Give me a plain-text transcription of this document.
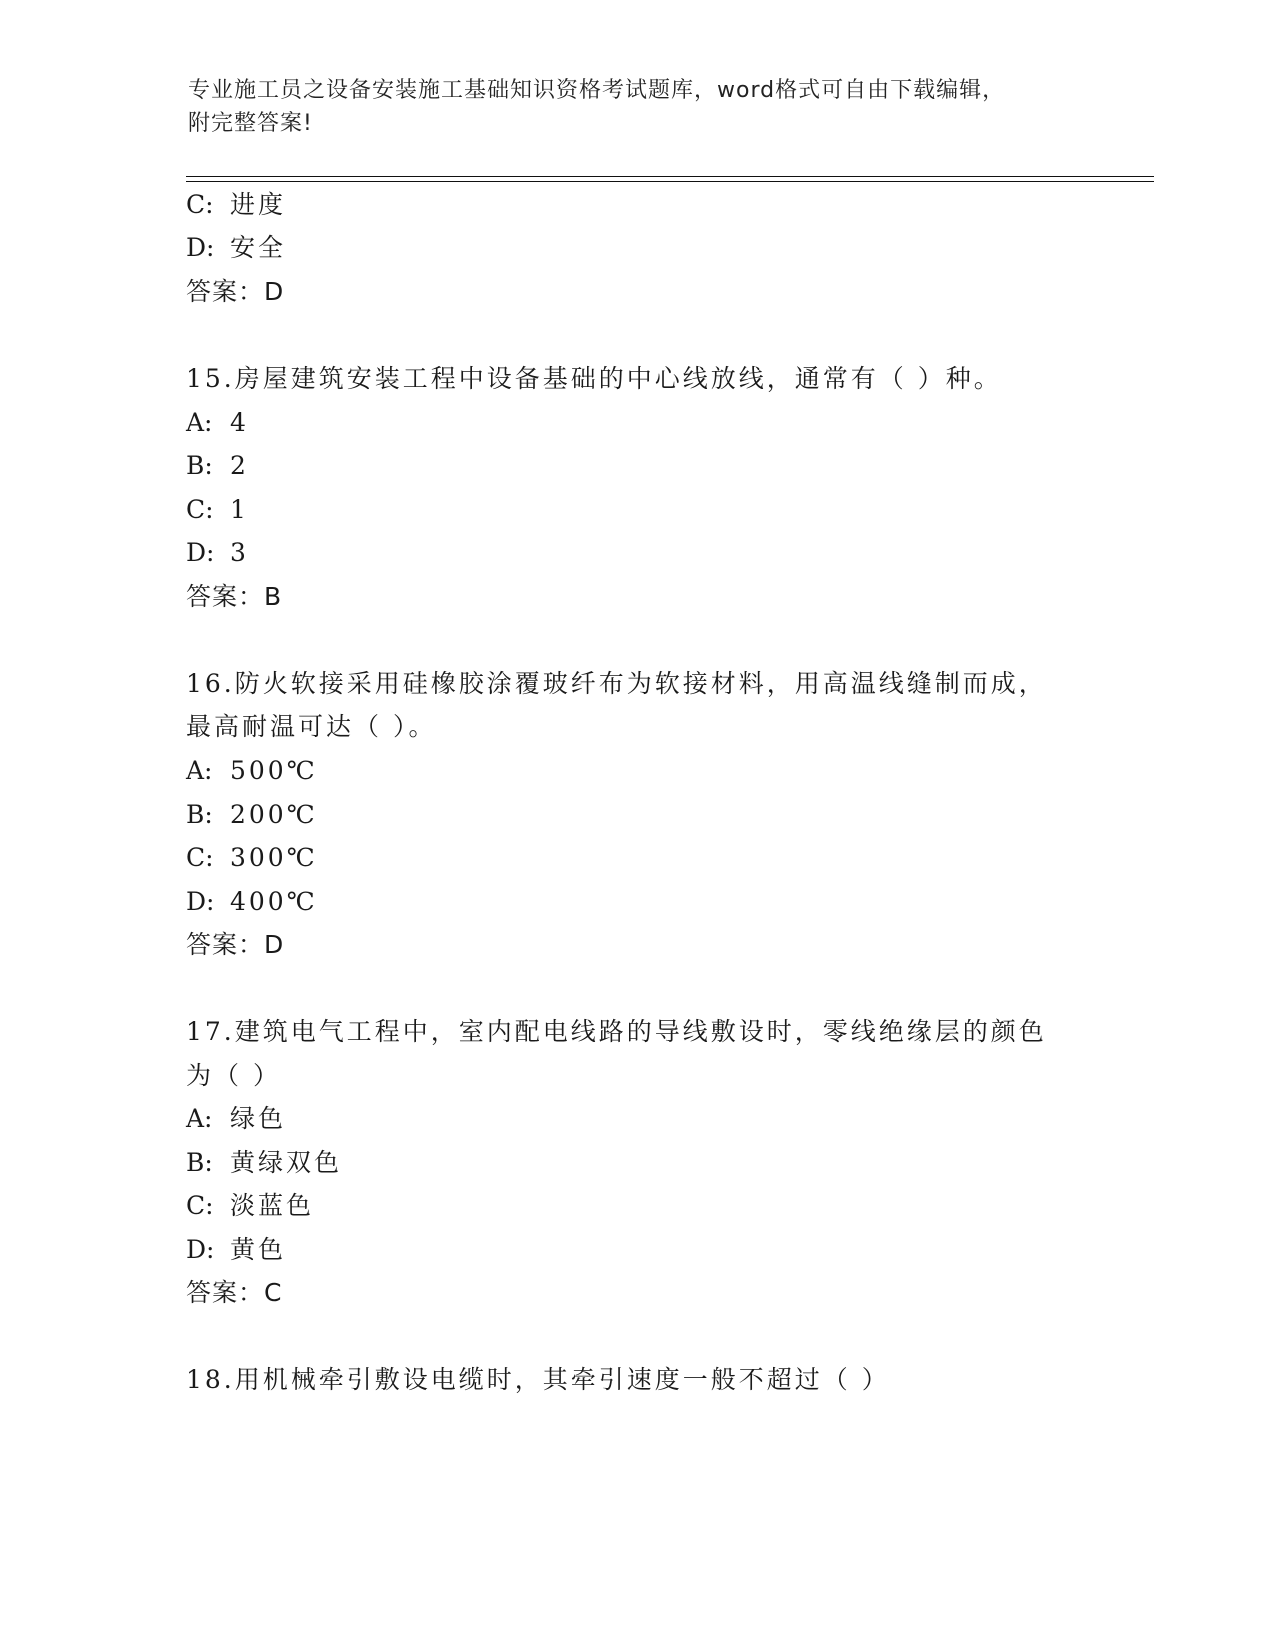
专业施工员之设备安装施工基础知识资格考试题库，word格式可自由下载编辑，
附完整答案!
C: 进度
D: 安全
答案：D
15.房屋建筑安装工程中设备基础的中心线放线，通常有（ ）种。
A: 4
B: 2
C: 1
D: 3
答案：B
16.防火软接采用硅橡胶涂覆玻纤布为软接材料，用高温线缝制而成，
最高耐温可达（ ）。
A: 500℃
B: 200℃
C: 300℃
D: 400℃
答案：D
17.建筑电气工程中，室内配电线路的导线敷设时，零线绝缘层的颜色
为（ ）
A: 绿色
B: 黄绿双色
C: 淡蓝色
D: 黄色
答案：C
18.用机械牵引敷设电缆时，其牵引速度一般不超过（ ）
